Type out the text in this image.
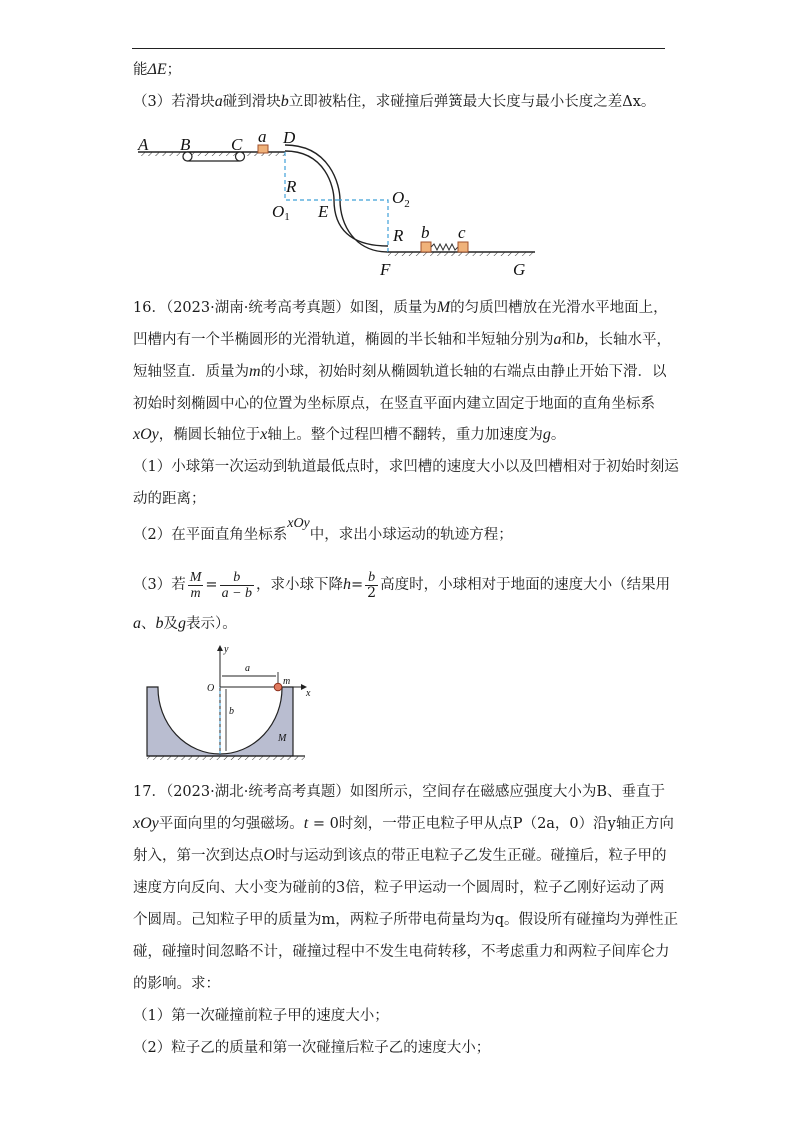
能ΔE；
（3）若滑块a碰到滑块b立即被粘住，求碰撞后弹簧最大长度与最小长度之差Δx。
A B C a D
R
O1 E
$O_2$
R b c
F	G
16．（2023·湖南·统考高考真题）如图，质量为M的匀质凹槽放在光滑水平地面上，
凹槽内有一个半椭圆形的光滑轨道，椭圆的半长轴和半短轴分别为a和b，长轴水平，
短轴竖直．质量为m的小球，初始时刻从椭圆轨道长轴的右端点由静止开始下滑．以
初始时刻椭圆中心的位置为坐标原点，在竖直平面内建立固定于地面的直角坐标系
xOy，椭圆长轴位于x轴上。整个过程凹槽不翻转，重力加速度为g。
（1）小球第一次运动到轨道最低点时，求凹槽的速度大小以及凹槽相对于初始时刻运
动的距离；
（2）在平面直角坐标系xOy中，求出小球运动的轨迹方程；
（3）若 $\frac{M}{m} = \frac{b}{a - b}$ ，求小球下降$h= \frac{b}{2}$ 高度时，小球相对于地面的速度大小（结果用
a、b及g表示）。
y
a
O
m
x
b
M
17．（2023·湖北·统考高考真题）如图所示，空间存在磁感应强度大小为B、垂直于
xOy平面向里的匀强磁场。t = 0时刻，一带正电粒子甲从点P（2a，0）沿y轴正方向
射入，第一次到达点O时与运动到该点的带正电粒子乙发生正碰。碰撞后，粒子甲的
速度方向反向、大小变为碰前的3倍，粒子甲运动一个圆周时，粒子乙刚好运动了两
个圆周。己知粒子甲的质量为m，两粒子所带电荷量均为q。假设所有碰撞均为弹性正
碰，碰撞时间忽略不计，碰撞过程中不发生电荷转移，不考虑重力和两粒子间库仑力
的影响。求：
（1）第一次碰撞前粒子甲的速度大小；
（2）粒子乙的质量和第一次碰撞后粒子乙的速度大小；
